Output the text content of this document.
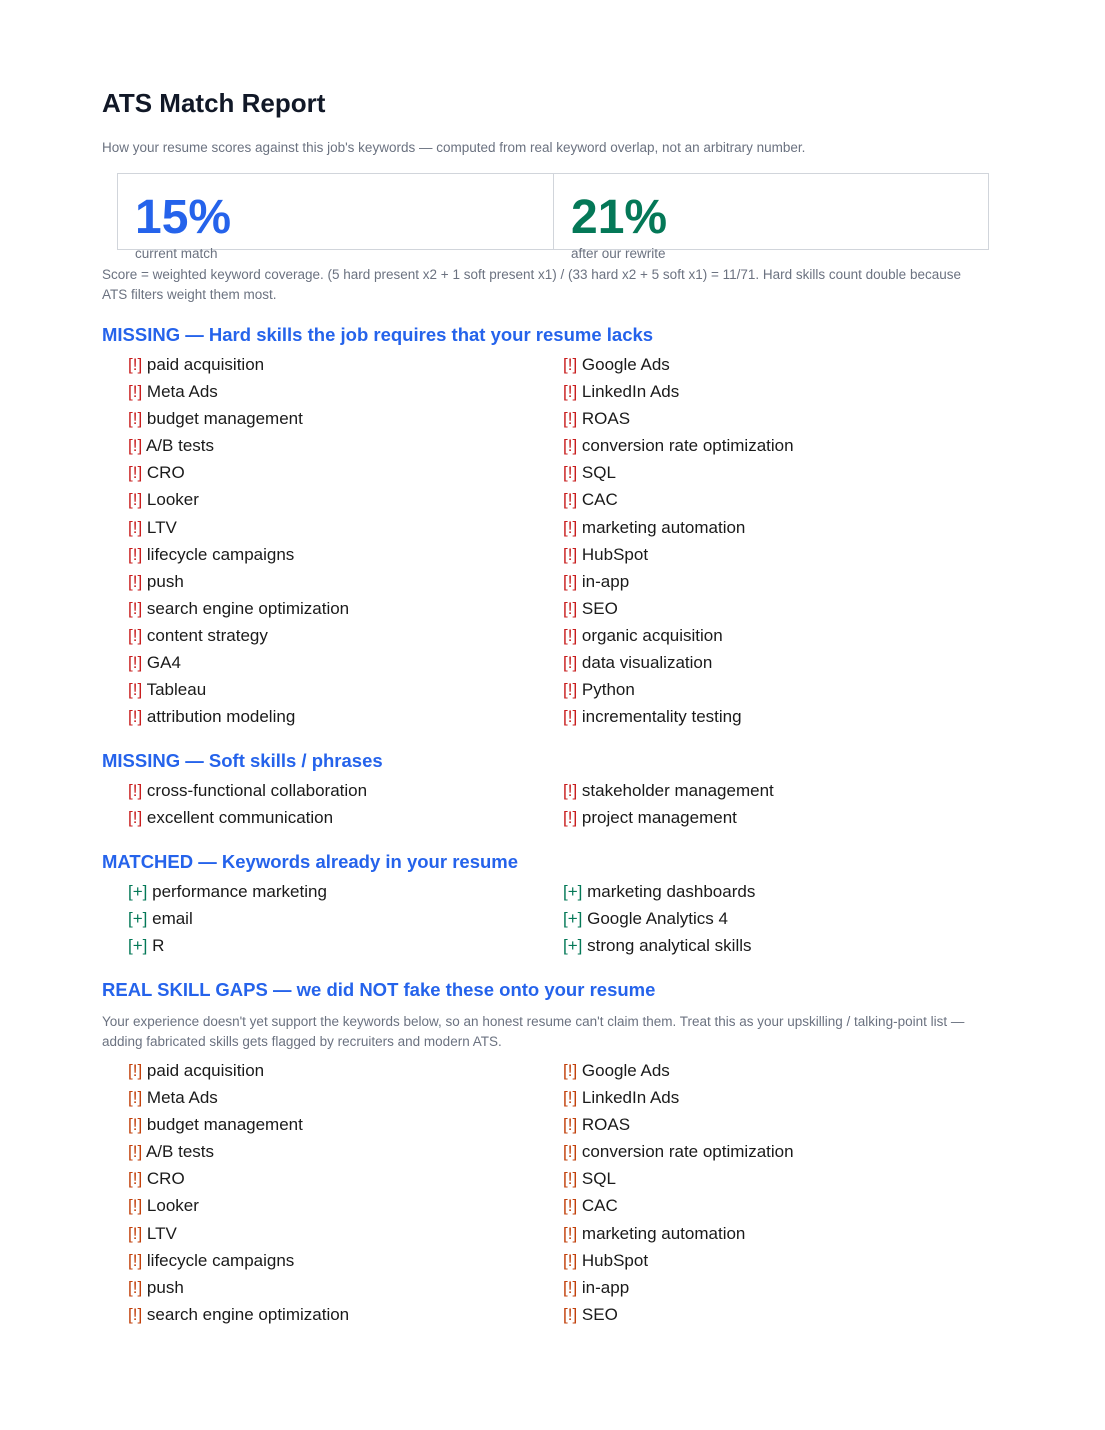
ATS Match Report
How your resume scores against this job's keywords — computed from real keyword overlap, not an arbitrary number.
15%
current match
21%
after our rewrite
Score = weighted keyword coverage. (5 hard present x2 + 1 soft present x1) / (33 hard x2 + 5 soft x1) = 11/71. Hard skills count double because ATS filters weight them most.
MISSING — Hard skills the job requires that your resume lacks
[!] paid acquisition	[!] Google Ads
[!] Meta Ads	[!] LinkedIn Ads
[!] budget management	[!] ROAS
[!] A/B tests	[!] conversion rate optimization
[!] CRO	[!] SQL
[!] Looker	[!] CAC
[!] LTV	[!] marketing automation
[!] lifecycle campaigns	[!] HubSpot
[!] push	[!] in-app
[!] search engine optimization	[!] SEO
[!] content strategy	[!] organic acquisition
[!] GA4	[!] data visualization
[!] Tableau	[!] Python
[!] attribution modeling	[!] incrementality testing
MISSING — Soft skills / phrases
[!] cross-functional collaboration	[!] stakeholder management
[!] excellent communication	[!] project management
MATCHED — Keywords already in your resume
[+] performance marketing	[+] marketing dashboards
[+] email	[+] Google Analytics 4
[+] R	[+] strong analytical skills
REAL SKILL GAPS — we did NOT fake these onto your resume
Your experience doesn't yet support the keywords below, so an honest resume can't claim them. Treat this as your upskilling / talking-point list — adding fabricated skills gets flagged by recruiters and modern ATS.
[!] paid acquisition	[!] Google Ads
[!] Meta Ads	[!] LinkedIn Ads
[!] budget management	[!] ROAS
[!] A/B tests	[!] conversion rate optimization
[!] CRO	[!] SQL
[!] Looker	[!] CAC
[!] LTV	[!] marketing automation
[!] lifecycle campaigns	[!] HubSpot
[!] push	[!] in-app
[!] search engine optimization	[!] SEO
